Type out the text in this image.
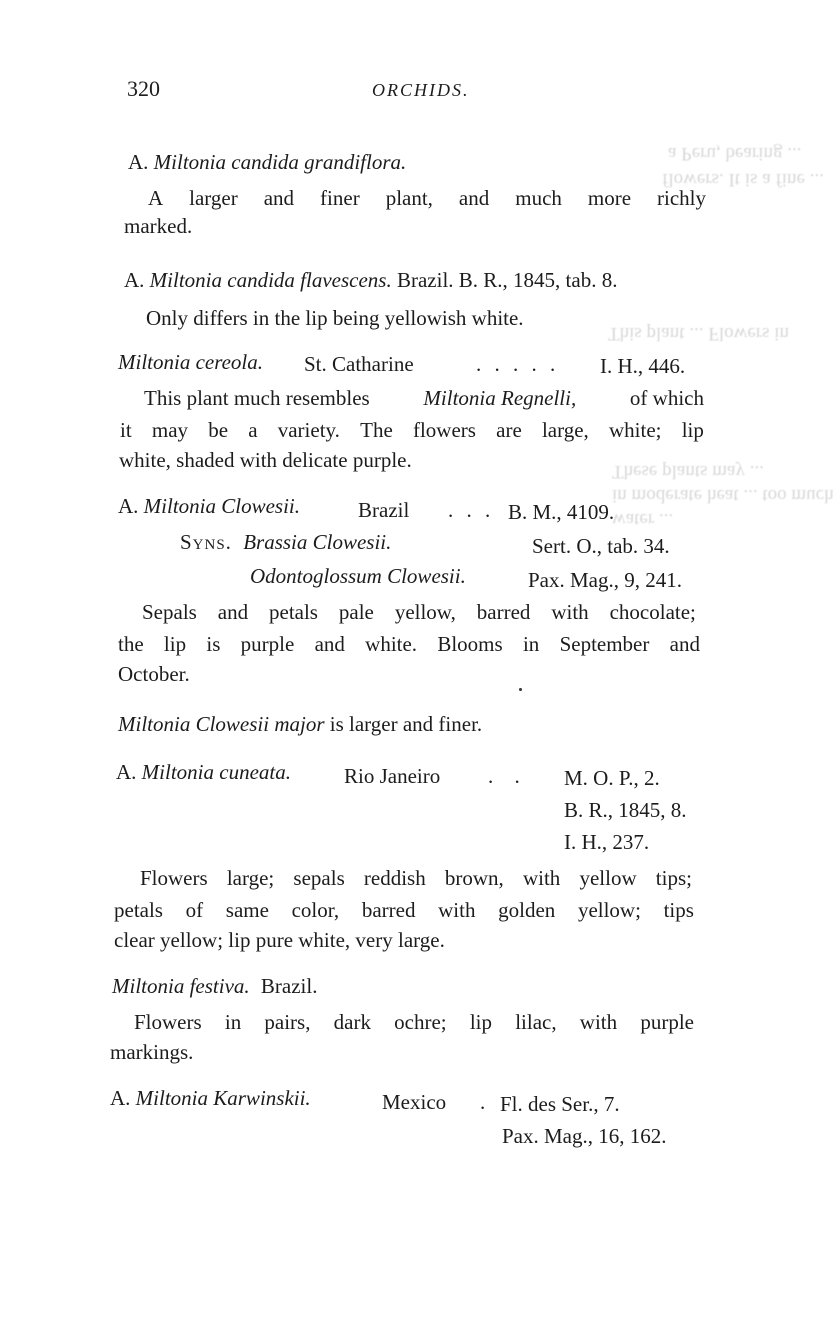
a Peru, bearing ...
flowers. It is a fine ...
This plant ... Flowers in
These plants may ...
in moderate heat ... too much
water ...
320	ORCHIDS.
A. Miltonia candida grandiflora.
A larger and finer plant, and much more richly
marked.
A. Miltonia candida flavescens. Brazil. B. R., 1845, tab. 8.
Only differs in the lip being yellowish white.
Miltonia cereola. St. Catharine	. . . . . I. H., 446.
This plant much resembles	Miltonia Regnelli,	of which
it may be a variety. The flowers are large, white; lip
white, shaded with delicate purple.
A. Miltonia Clowesii.	Brazil . . . B. M., 4109.
Syns. Brassia Clowesii.	Sert. O., tab. 34.
Odontoglossum Clowesii.	Pax. Mag., 9, 241.
Sepals and petals pale yellow, barred with chocolate;
the lip is purple and white. Blooms in September and
October.
Miltonia Clowesii major is larger and finer.
A. Miltonia cuneata.	Rio Janeiro . . M. O. P., 2.
B. R., 1845, 8.
I. H., 237.
Flowers large; sepals reddish brown, with yellow tips;
petals of same color, barred with golden yellow; tips
clear yellow; lip pure white, very large.
Miltonia festiva. Brazil.
Flowers in pairs, dark ochre; lip lilac, with purple
markings.
A. Miltonia Karwinskii.	Mexico . Fl. des Ser., 7.
Pax. Mag., 16, 162.
